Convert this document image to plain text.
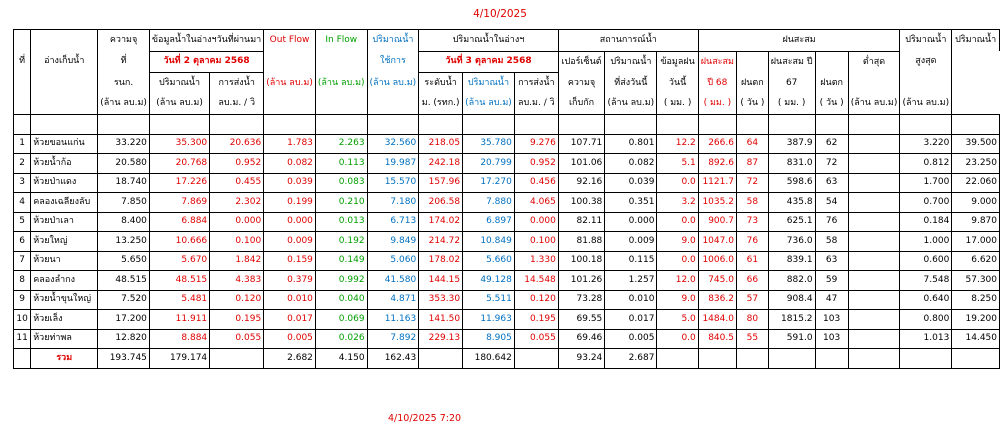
4/10/2025
		ความจุ	ข้อมูลน้ำในอ่างฯวันที่ผ่านมา		Out Flow	In Flow	ปริมาณน้ำ	ปริมาณน้ำในอ่างฯ			สถานการณ์น้ำ			ฝนสะสม					ปริมาณน้ำ	ปริมาณน้ำ
ที่	อ่างเก็บน้ำ	ที่	วันที่ 2 ตุลาคม 2568				ใช้การ	วันที่ 3 ตุลาคม 2568			เปอร์เซ็นต์	ปริมาณน้ำ	ข้อมูลฝน	ฝนสะสม		ฝนสะสม ปี		ต่ำสุด	สูงสุด	
		รนก.	ปริมาณน้ำ	การส่งน้ำ	(ล้าน ลบ.ม)	(ล้าน ลบ.ม)	(ล้าน ลบ.ม)	ระดับน้ำ	ปริมาณน้ำ	การส่งน้ำ	ความจุ	ที่ส่งวันนี้	วันนี้	ปี 68	ฝนตก	67	ฝนตก			
		(ล้าน ลบ.ม)	(ล้าน ลบ.ม)	ลบ.ม. / วิ				ม. (รทก.)	(ล้าน ลบ.ม)	ลบ.ม. / วิ	เก็บกัก	(ล้าน ลบ.ม)	( มม. )	( มม. )	( วัน )	( มม. )	( วัน )	(ล้าน ลบ.ม)	(ล้าน ลบ.ม)	

1	ห้วยขอนแก่น	33.220	35.300	20.636	1.783	2.263	32.560	218.05	35.780	9.276	107.71	0.801	12.2	266.6	64	387.9	62		3.220	39.500
2	ห้วยน้ำก้อ	20.580	20.768	0.952	0.082	0.113	19.987	242.18	20.799	0.952	101.06	0.082	5.1	892.6	87	831.0	72		0.812	23.250
3	ห้วยป่าแดง	18.740	17.226	0.455	0.039	0.083	15.570	157.96	17.270	0.456	92.16	0.039	0.0	1121.7	72	598.6	63		1.700	22.060
4	คลองเฉลียงลับ	7.850	7.869	2.302	0.199	0.210	7.180	206.58	7.880	4.065	100.38	0.351	3.2	1035.2	58	435.8	54		0.700	9.000
5	ห้วยป่าเลา	8.400	6.884	0.000	0.000	0.013	6.713	174.02	6.897	0.000	82.11	0.000	0.0	900.7	73	625.1	76		0.184	9.870
6	ห้วยใหญ่	13.250	10.666	0.100	0.009	0.192	9.849	214.72	10.849	0.100	81.88	0.009	9.0	1047.0	76	736.0	58		1.000	17.000
7	ห้วยนา	5.650	5.670	1.842	0.159	0.149	5.060	178.02	5.660	1.330	100.18	0.115	0.0	1006.0	61	839.1	63		0.600	6.620
8	คลองลำกง	48.515	48.515	4.383	0.379	0.992	41.580	144.15	49.128	14.548	101.26	1.257	12.0	745.0	66	882.0	59		7.548	57.300
9	ห้วยน้ำขุนใหญ่	7.520	5.481	0.120	0.010	0.040	4.871	353.30	5.511	0.120	73.28	0.010	9.0	836.2	57	908.4	47		0.640	8.250
10	ห้วยเล็ง	17.200	11.911	0.195	0.017	0.069	11.163	141.50	11.963	0.195	69.55	0.017	5.0	1484.0	80	1815.2	103		0.800	19.200
11	ห้วยท่าพล	12.820	8.884	0.055	0.005	0.026	7.892	229.13	8.905	0.055	69.46	0.005	0.0	840.5	55	591.0	103		1.013	14.450
	รวม	193.745	179.174		2.682	4.150	162.43		180.642		93.24	2.687								
4/10/2025 7:20
